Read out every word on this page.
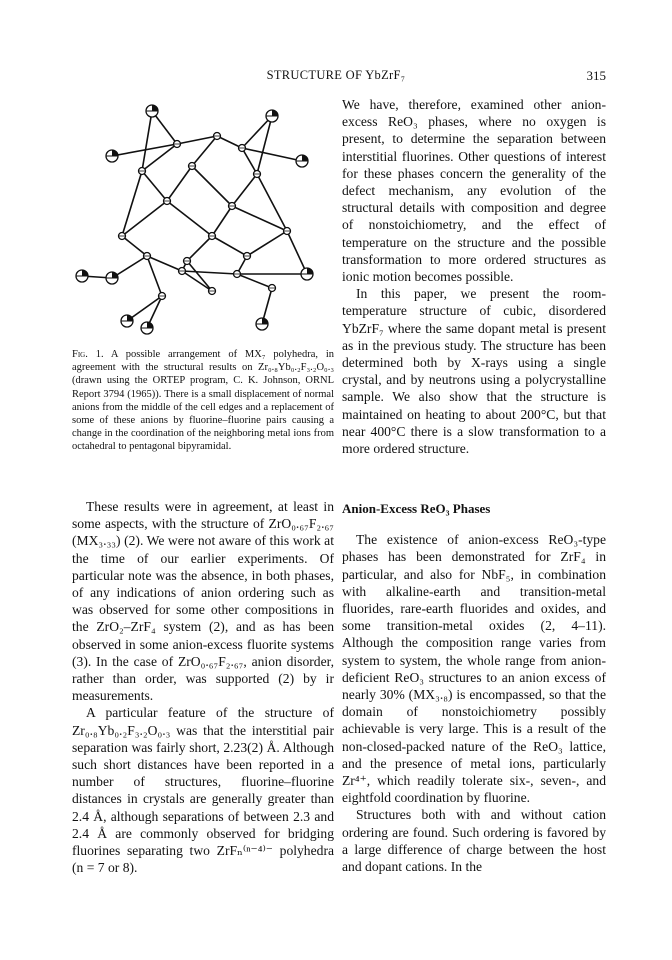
STRUCTURE OF YbZrF₇	315
Fig. 1. A possible arrangement of MX₇ polyhedra, in agreement with the structural results on Zr₀.₈Yb₀.₂F₃.₂O₀.₃ (drawn using the ORTEP program, C. K. Johnson, ORNL Report 3794 (1965)). There is a small displacement of normal anions from the middle of the cell edges and a replacement of some of these anions by fluorine–fluorine pairs causing a change in the coordination of the neighboring metal ions from octahedral to pentagonal bipyramidal.

We have, therefore, examined other anion-excess ReO₃ phases, where no oxygen is present, to determine the separation between interstitial fluorines. Other questions of interest for these phases concern the generality of the defect mechanism, any evolution of the structural details with composition and degree of nonstoichiometry, and the effect of temperature on the structure and the possible transformation to more ordered structures as ionic motion becomes possible.

In this paper, we present the room-temperature structure of cubic, disordered YbZrF₇ where the same dopant metal is present as in the previous study. The structure has been determined both by X-rays using a single crystal, and by neutrons using a polycrystalline sample. We also show that the structure is maintained on heating to about 200°C, but that near 400°C there is a slow transformation to a more ordered structure.

These results were in agreement, at least in some aspects, with the structure of ZrO₀.₆₇F₂.₆₇ (MX₃.₃₃) (2). We were not aware of this work at the time of our earlier experiments. Of particular note was the absence, in both phases, of any indications of anion ordering such as was observed for some other compositions in the ZrO₂–ZrF₄ system (2), and as has been observed in some anion-excess fluorite systems (3). In the case of ZrO₀.₆₇F₂.₆₇, anion disorder, rather than order, was supported (2) by ir measurements.

A particular feature of the structure of Zr₀.₈Yb₀.₂F₃.₂O₀.₃ was that the interstitial pair separation was fairly short, 2.23(2) Å. Although such short distances have been reported in a number of structures, fluorine–fluorine distances in crystals are generally greater than 2.4 Å, although separations of between 2.3 and 2.4 Å are commonly observed for bridging fluorines separating two ZrFₙ⁽ⁿ⁻⁴⁾⁻ polyhedra (n = 7 or 8).

Anion-Excess ReO₃ Phases

The existence of anion-excess ReO₃-type phases has been demonstrated for ZrF₄ in particular, and also for NbF₅, in combination with alkaline-earth and transition-metal fluorides, rare-earth fluorides and oxides, and some transition-metal oxides (2, 4–11). Although the composition range varies from system to system, the whole range from anion-deficient ReO₃ structures to an anion excess of nearly 30% (MX₃.₈) is encompassed, so that the domain of nonstoichiometry possibly achievable is very large. This is a result of the non-closed-packed nature of the ReO₃ lattice, and the presence of metal ions, particularly Zr⁴⁺, which readily tolerate six-, seven-, and eightfold coordination by fluorine.

Structures both with and without cation ordering are found. Such ordering is favored by a large difference of charge between the host and dopant cations. In the
